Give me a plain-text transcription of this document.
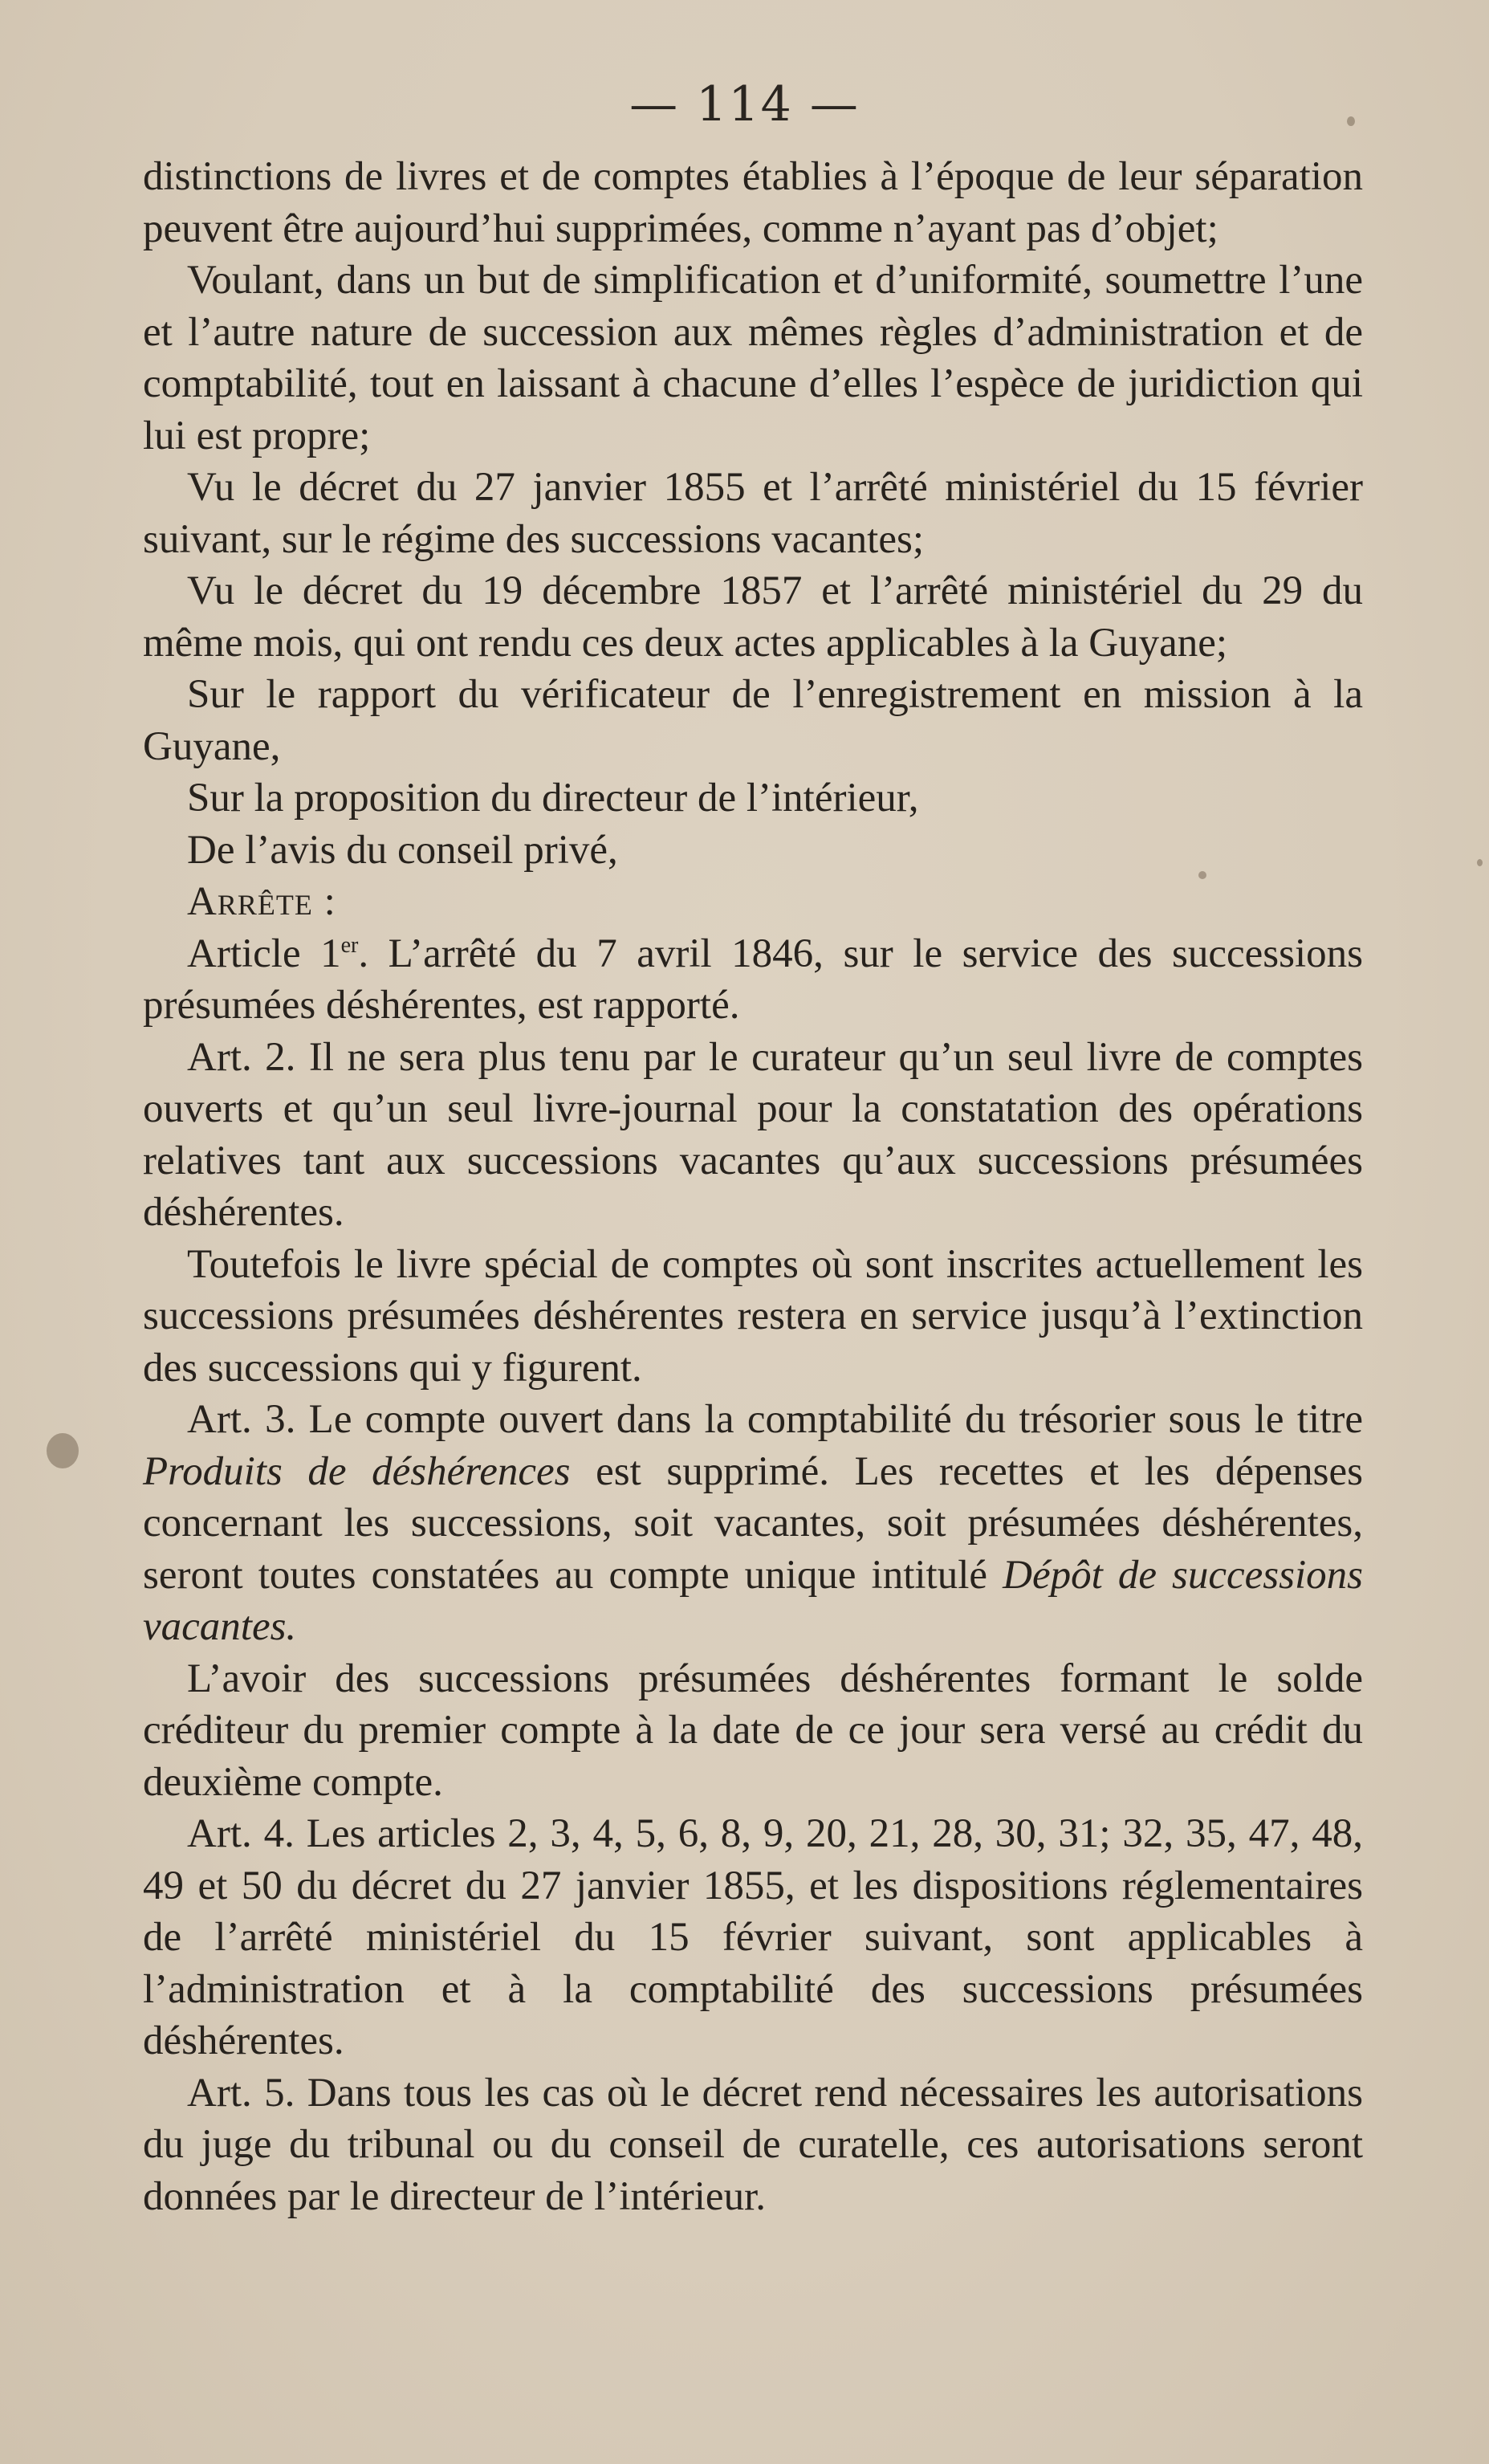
— 114 —

distinctions de livres et de comptes établies à l’époque de leur séparation peuvent être aujourd’hui supprimées, comme n’ayant pas d’objet;

Voulant, dans un but de simplification et d’uniformité, soumettre l’une et l’autre nature de succession aux mêmes règles d’administration et de comptabilité, tout en laissant à chacune d’elles l’espèce de juridiction qui lui est propre;

Vu le décret du 27 janvier 1855 et l’arrêté ministériel du 15 février suivant, sur le régime des successions vacantes;

Vu le décret du 19 décembre 1857 et l’arrêté ministériel du 29 du même mois, qui ont rendu ces deux actes applicables à la Guyane;

Sur le rapport du vérificateur de l’enregistrement en mission à la Guyane,

Sur la proposition du directeur de l’intérieur,

De l’avis du conseil privé,

Arrête :

Article 1er. L’arrêté du 7 avril 1846, sur le service des successions présumées déshérentes, est rapporté.

Art. 2. Il ne sera plus tenu par le curateur qu’un seul livre de comptes ouverts et qu’un seul livre-journal pour la constatation des opérations relatives tant aux successions vacantes qu’aux successions présumées déshérentes.

Toutefois le livre spécial de comptes où sont inscrites actuellement les successions présumées déshérentes restera en service jusqu’à l’extinction des successions qui y figurent.

Art. 3. Le compte ouvert dans la comptabilité du trésorier sous le titre Produits de déshérences est supprimé. Les recettes et les dépenses concernant les successions, soit vacantes, soit présumées déshérentes, seront toutes constatées au compte unique intitulé Dépôt de successions vacantes.

L’avoir des successions présumées déshérentes formant le solde créditeur du premier compte à la date de ce jour sera versé au crédit du deuxième compte.

Art. 4. Les articles 2, 3, 4, 5, 6, 8, 9, 20, 21, 28, 30, 31; 32, 35, 47, 48, 49 et 50 du décret du 27 janvier 1855, et les dispositions réglementaires de l’arrêté ministériel du 15 février suivant, sont applicables à l’administration et à la comptabilité des successions présumées déshérentes.

Art. 5. Dans tous les cas où le décret rend nécessaires les autorisations du juge du tribunal ou du conseil de curatelle, ces autorisations seront données par le directeur de l’intérieur.
